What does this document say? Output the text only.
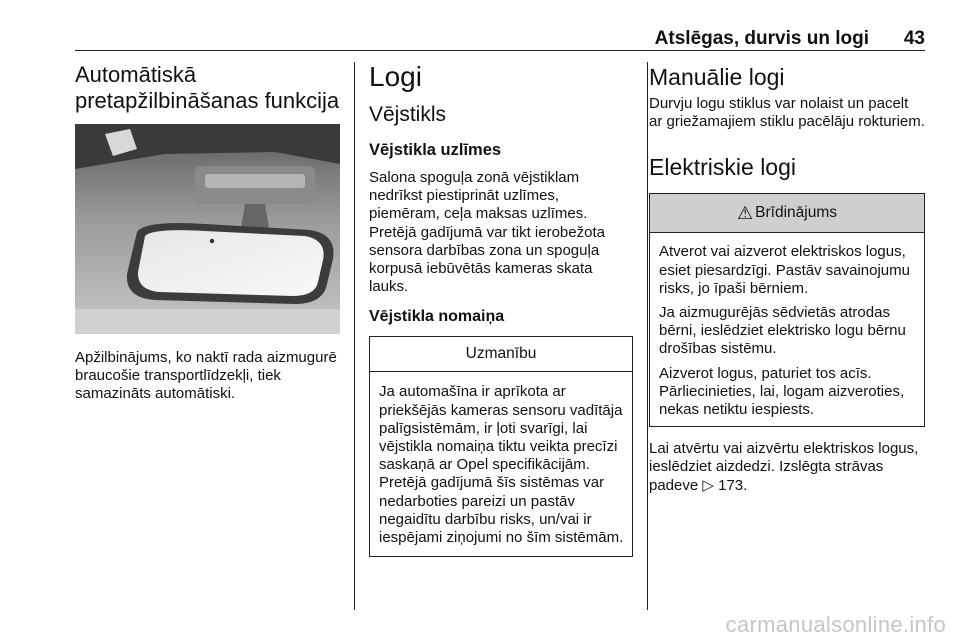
Atslēgas, durvis un logi 43
Automātiskā pretapžilbināšanas funkcija

Apžilbinājums, ko naktī rada aizmugurē braucošie transportlīdzekļi, tiek samazināts automātiski.

Logi
Vējstikls
Vējstikla uzlīmes

Salona spoguļa zonā vējstiklam nedrīkst piestiprināt uzlīmes, piemēram, ceļa maksas uzlīmes. Pretējā gadījumā var tikt ierobežota sensora darbības zona un spoguļa korpusā iebūvētās kameras skata lauks.

Vējstikla nomaiņa
Uzmanību

Ja automašīna ir aprīkota ar priekšējās kameras sensoru vadītāja palīgsistēmām, ir ļoti svarīgi, lai vējstikla nomaiņa tiktu veikta precīzi saskaņā ar Opel specifikācijām. Pretējā gadījumā šīs sistēmas var nedarboties pareizi un pastāv negaidītu darbību risks, un/vai ir iespējami ziņojumi no šīm sistēmām.

Manuālie logi

Durvju logu stiklus var nolaist un pacelt ar griežamajiem stiklu pacēlāju rokturiem.

Elektriskie logi
⚠ Brīdinājums

Atverot vai aizverot elektriskos logus, esiet piesardzīgi. Pastāv savainojumu risks, jo īpaši bērniem.

Ja aizmugurējās sēdvietās atrodas bērni, ieslēdziet elektrisko logu bērnu drošības sistēmu.

Aizverot logus, paturiet tos acīs. Pārliecinieties, lai, logam aizveroties, nekas netiktu iespiests.

Lai atvērtu vai aizvērtu elektriskos logus, ieslēdziet aizdedzi. Izslēgta strāvas padeve ▷ 173.

carmanualsonline.info
